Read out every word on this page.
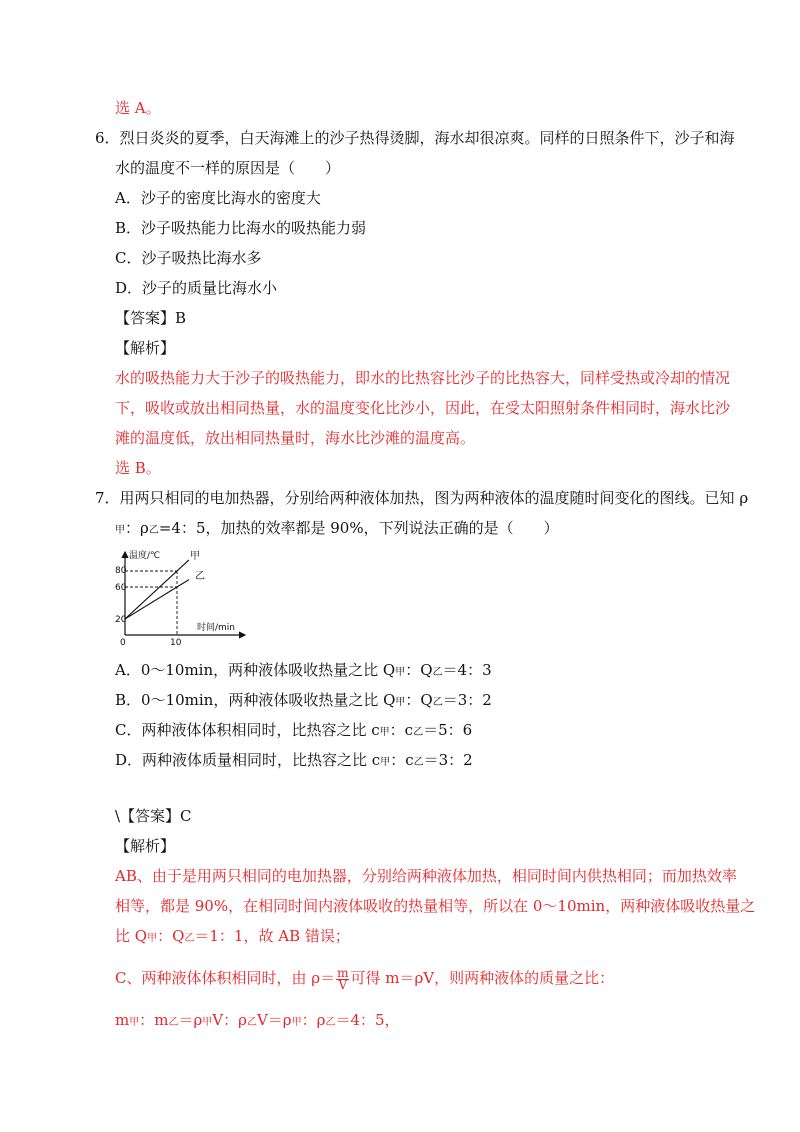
选 A。
6．烈日炎炎的夏季，白天海滩上的沙子热得烫脚，海水却很凉爽。同样的日照条件下，沙子和海
水的温度不一样的原因是（　　）
A．沙子的密度比海水的密度大
B．沙子吸热能力比海水的吸热能力弱
C．沙子吸热比海水多
D．沙子的质量比海水小
【答案】B
【解析】
水的吸热能力大于沙子的吸热能力，即水的比热容比沙子的比热容大，同样受热或冷却的情况
下，吸收或放出相同热量，水的温度变化比沙小，因此，在受太阳照射条件相同时，海水比沙
滩的温度低，放出相同热量时，海水比沙滩的温度高。
选 B。
7．用两只相同的电加热器，分别给两种液体加热，图为两种液体的温度随时间变化的图线。已知 ρ
甲：ρ乙=4：5，加热的效率都是 90%，下列说法正确的是（　　）
温度/℃
时间/min
80
60
20
0	10
甲
乙
A．0～10min，两种液体吸收热量之比 Q甲：Q乙＝4：3
B．0～10min，两种液体吸收热量之比 Q甲：Q乙＝3：2
C．两种液体体积相同时，比热容之比 c甲：c乙＝5：6
D．两种液体质量相同时，比热容之比 c甲：c乙＝3：2
\【答案】C
【解析】
AB、由于是用两只相同的电加热器，分别给两种液体加热，相同时间内供热相同；而加热效率
相等，都是 90%，在相同时间内液体吸收的热量相等，所以在 0～10min，两种液体吸收热量之
比 Q甲：Q乙＝1：1，故 AB 错误；
C、两种液体体积相同时，由 $\rho= \frac{m}{V}$ 可得 m＝ρV，则两种液体的质量之比：
m甲：m乙＝ρ甲V：ρ乙V＝ρ甲：ρ乙＝4：5，
